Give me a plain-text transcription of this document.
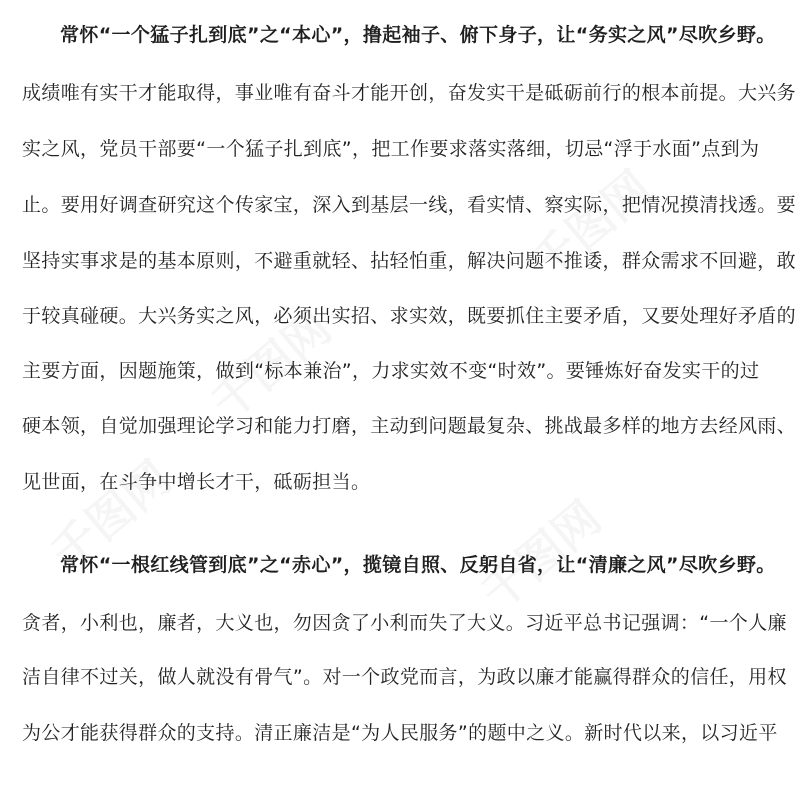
常怀“一个猛子扎到底”之“本心”，撸起袖子、俯下身子，让“务实之风”尽吹乡野。
成绩唯有实干才能取得，事业唯有奋斗才能开创，奋发实干是砥砺前行的根本前提。大兴务
实之风，党员干部要“一个猛子扎到底”，把工作要求落实落细，切忌“浮于水面”点到为
止。要用好调查研究这个传家宝，深入到基层一线，看实情、察实际，把情况摸清找透。要
坚持实事求是的基本原则，不避重就轻、拈轻怕重，解决问题不推诿，群众需求不回避，敢
于较真碰硬。大兴务实之风，必须出实招、求实效，既要抓住主要矛盾，又要处理好矛盾的
主要方面，因题施策，做到“标本兼治”，力求实效不变“时效”。要锤炼好奋发实干的过
硬本领，自觉加强理论学习和能力打磨，主动到问题最复杂、挑战最多样的地方去经风雨、
见世面，在斗争中增长才干，砥砺担当。
常怀“一根红线管到底”之“赤心”，揽镜自照、反躬自省，让“清廉之风”尽吹乡野。
贪者，小利也，廉者，大义也，勿因贪了小利而失了大义。习近平总书记强调：“一个人廉
洁自律不过关，做人就没有骨气”。对一个政党而言，为政以廉才能赢得群众的信任，用权
为公才能获得群众的支持。清正廉洁是“为人民服务”的题中之义。新时代以来，以习近平
